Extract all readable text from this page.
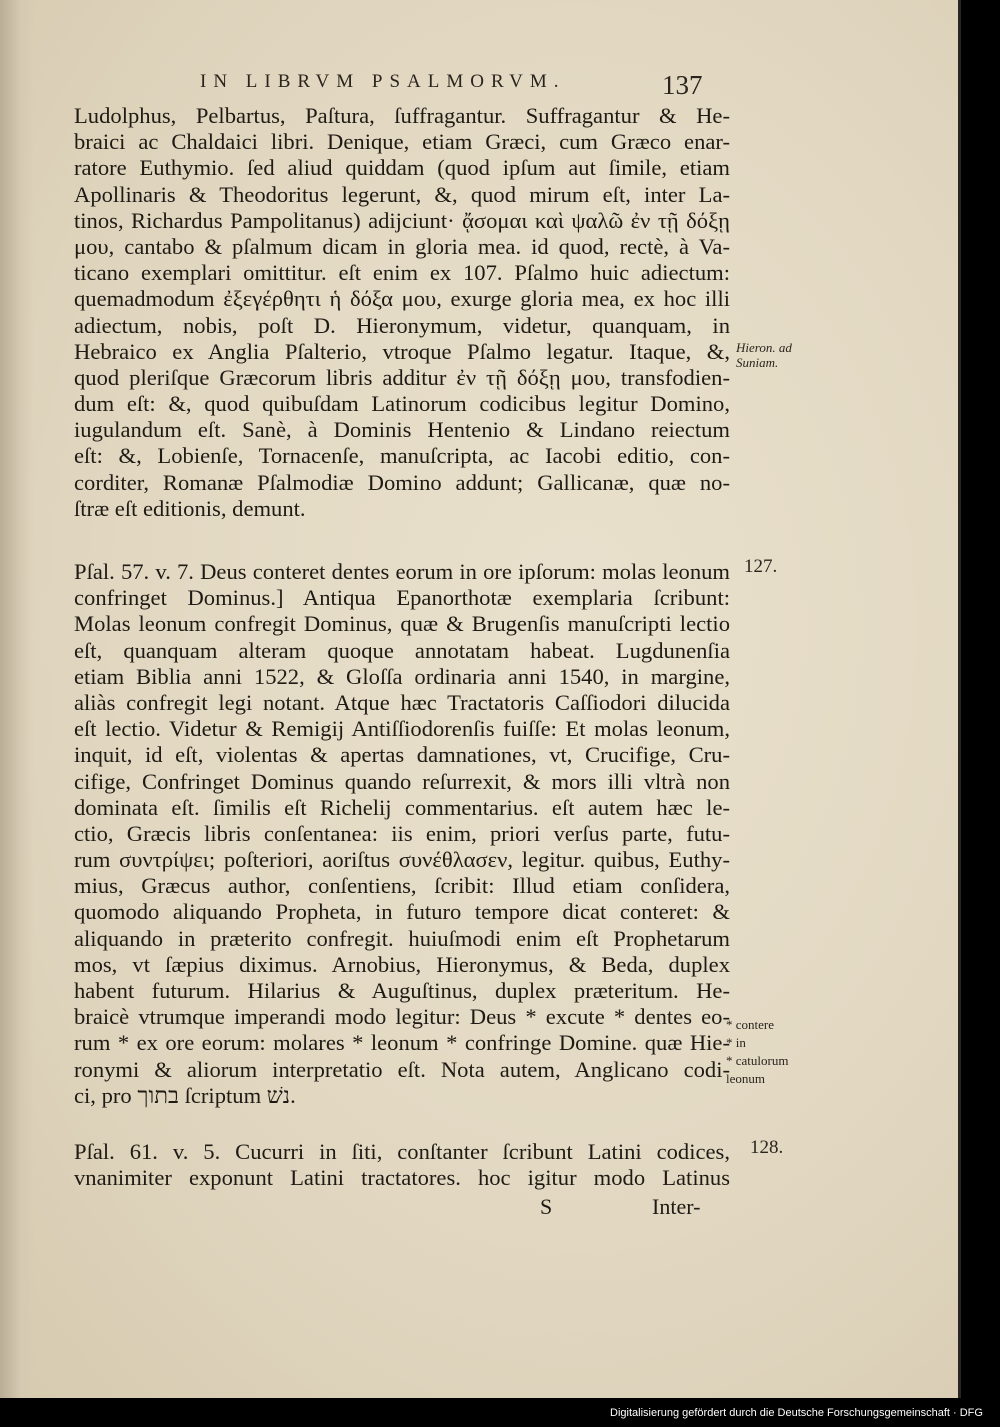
IN LIBRVM PSALMORVM.	137
Ludolphus, Pelbartus, Paſtura, ſuffragantur. Suffragantur & He-
braici ac Chaldaici libri. Denique, etiam Græci, cum Græco enar-
ratore Euthymio. ſed aliud quiddam (quod ipſum aut ſimile, etiam
Apollinaris & Theodoritus legerunt, &, quod mirum eſt, inter La-
tinos, Richardus Pampolitanus) adijciunt· ᾄσομαι καὶ ψαλῶ ἐν τῇ δόξῃ
μου, cantabo & pſalmum dicam in gloria mea. id quod, rectè, à Va-
ticano exemplari omittitur. eſt enim ex 107. Pſalmo huic adiectum:
quemadmodum ἐξεγέρθητι ἡ δόξα μου, exurge gloria mea, ex hoc illi
adiectum, nobis, poſt D. Hieronymum, videtur, quanquam, in
Hebraico ex Anglia Pſalterio, vtroque Pſalmo legatur. Itaque, &,
quod pleriſque Græcorum libris additur ἐν τῇ δόξῃ μου, transfodien-
dum eſt: &, quod quibuſdam Latinorum codicibus legitur Domino,
iugulandum eſt. Sanè, à Dominis Hentenio & Lindano reiectum
eſt: &, Lobienſe, Tornacenſe, manuſcripta, ac Iacobi editio, con-
corditer, Romanæ Pſalmodiæ Domino addunt; Gallicanæ, quæ no-
ſtræ eſt editionis, demunt.
Hieron. ad
Suniam.
127.
Pſal. 57. v. 7. Deus conteret dentes eorum in ore ipſorum: molas leonum
confringet Dominus.] Antiqua Epanorthotæ exemplaria ſcribunt:
Molas leonum confregit Dominus, quæ & Brugenſis manuſcripti lectio
eſt, quanquam alteram quoque annotatam habeat. Lugdunenſia
etiam Biblia anni 1522, & Gloſſa ordinaria anni 1540, in margine,
aliàs confregit legi notant. Atque hæc Tractatoris Caſſiodori dilucida
eſt lectio. Videtur & Remigij Antiſſiodorenſis fuiſſe: Et molas leonum,
inquit, id eſt, violentas & apertas damnationes, vt, Crucifige, Cru-
cifige, Confringet Dominus quando reſurrexit, & mors illi vltrà non
dominata eſt. ſimilis eſt Richelij commentarius. eſt autem hæc le-
ctio, Græcis libris conſentanea: iis enim, priori verſus parte, futu-
rum συντρίψει; poſteriori, aoriſtus συνέθλασεν, legitur. quibus, Euthy-
mius, Græcus author, conſentiens, ſcribit: Illud etiam conſidera,
quomodo aliquando Propheta, in futuro tempore dicat conteret: &
aliquando in præterito confregit. huiuſmodi enim eſt Prophetarum
mos, vt ſæpius diximus. Arnobius, Hieronymus, & Beda, duplex
habent futurum. Hilarius & Auguſtinus, duplex præteritum. He-
braicè vtrumque imperandi modo legitur: Deus * excute * dentes eo-
rum * ex ore eorum: molares * leonum * confringe Domine. quæ Hie-
ronymi & aliorum interpretatio eſt. Nota autem, Anglicano codi-
ci, pro בתוך ſcriptum נשׁ.
* contere
* in
* catulorum
leonum
128.
Pſal. 61. v. 5. Cucurri in ſiti, conſtanter ſcribunt Latini codices,
vnanimiter exponunt Latini tractatores. hoc igitur modo Latinus
S	Inter-
Digitalisierung gefördert durch die Deutsche Forschungsgemeinschaft · DFG
